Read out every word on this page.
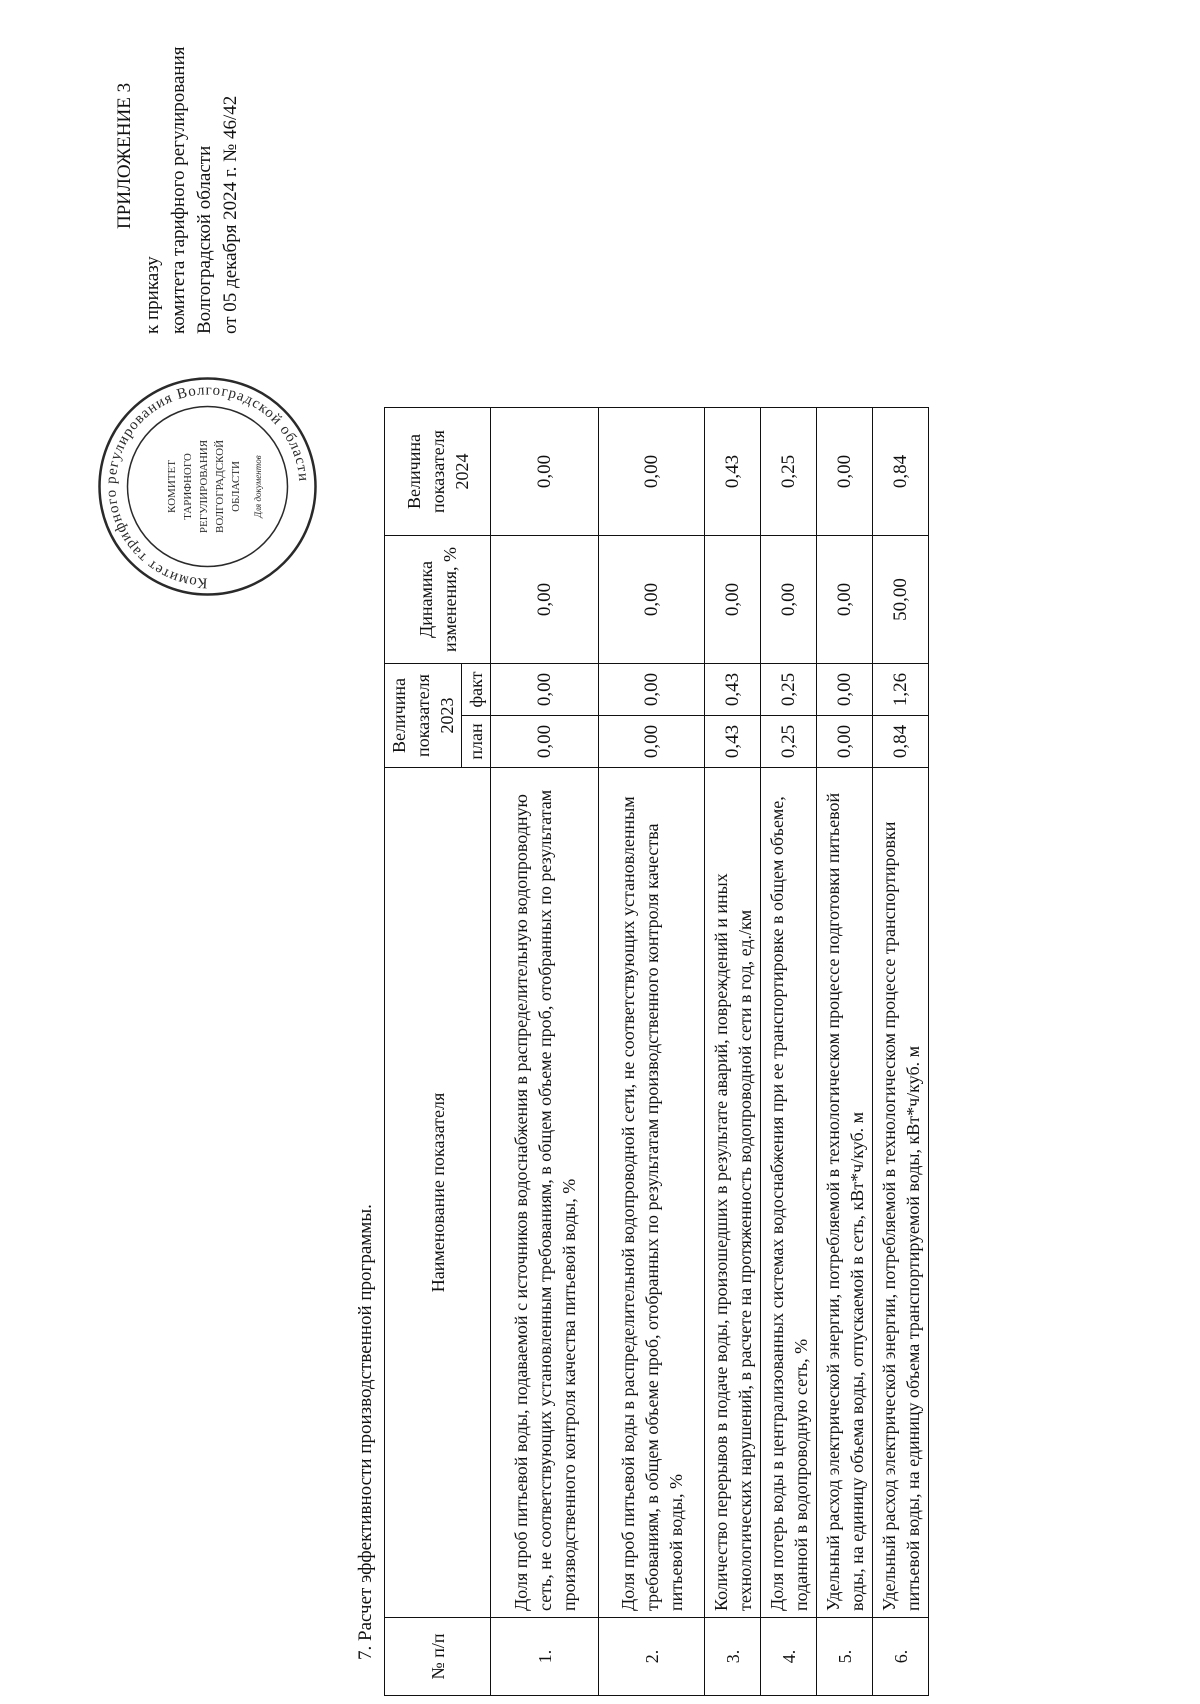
ПРИЛОЖЕНИЕ 3
к приказу комитета тарифного регулирования Волгоградской области от 05 декабря 2024 г. № 46/42
Комитет тарифного регулирования Волгоградской области
КОМИТЕТ ТАРИФНОГО РЕГУЛИРОВАНИЯ ВОЛГОГРАДСКОЙ ОБЛАСТИ Для документов
7. Расчет эффективности производственной программы.	№ п/п	Наименование показателя	Величина показателя 2023		Динамика изменения, %	Величина показателя 2024
		план	факт		
1.	Доля проб питьевой воды, подаваемой с источников водоснабжения в распределительную водопроводную сеть, не соответствующих установленным требованиям, в общем объеме проб, отобранных по результатам производственного контроля качества питьевой воды, %	0,00	0,00	0,00	0,00
2.	Доля проб питьевой воды в распределительной водопроводной сети, не соответствующих установленным требованиям, в общем объеме проб, отобранных по результатам производственного контроля качества питьевой воды, %	0,00	0,00	0,00	0,00
3.	Количество перерывов в подаче воды, произошедших в результате аварий, повреждений и иных технологических нарушений, в расчете на протяженность водопроводной сети в год, ед./км	0,43	0,43	0,00	0,43
4.	Доля потерь воды в централизованных системах водоснабжения при ее транспортировке в общем объеме, поданной в водопроводную сеть, %	0,25	0,25	0,00	0,25
5.	Удельный расход электрической энергии, потребляемой в технологическом процессе подготовки питьевой воды, на единицу объема воды, отпускаемой в сеть, кВт*ч/куб. м	0,00	0,00	0,00	0,00
6.	Удельный расход электрической энергии, потребляемой в технологическом процессе транспортировки питьевой воды, на единицу объема транспортируемой воды, кВт*ч/куб. м	0,84	1,26	50,00	0,84
